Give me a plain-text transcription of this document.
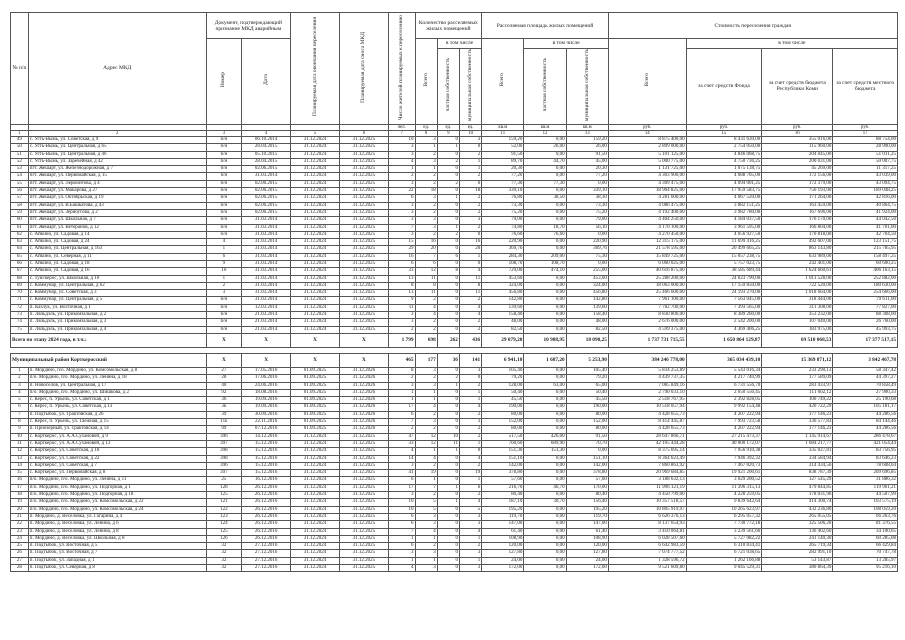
№ п/п	Адрес МКД	Документ, подтверждающий признание МКД аварийным		Планируемая дата окончания переселения	Планируемая дата сноса МКД	Число жителей планируемых к переселению	Количество расселяемых жилых помещений			Расселяемая площадь жилых помещений			Стоимость переселения граждан			
		Номер	Дата				Всего	в том числе		Всего	в том числе		Всего	в том числе		
								частная собственность	муниципальная собственность		частная собственность	муниципальная собственность		за счет средств Фонда	за счет средств бюджета Республики Коми	за счет средств местного бюджета
						чел.	ед.	ед.	ед.	кв.м	кв.м	кв.м	руб.	руб.	руб.	руб.
1	2	3	4	5	6	7	8	9	10	11	12	13	14	15	16	17
49	с. Усть-Вымь, ул. Советская, д 9	б/н	06.10.2014	31.12.2024	31.12.2025	10	3	0	3	159,20	0,00	159,20	8 875 400,00	8 431 630,00	355 016,00	88 754,00
50	с. Усть-Вымь, ул. Центральная, д 65	б/н	28.04.2015	31.12.2024	31.12.2025	3	1	1	0	52,00	26,00	26,00	2 899 000,00	2 754 050,00	115 960,00	28 990,00
51	с. Усть-Вымь, ул. Центральная, д 46	б/н	05.10.2015	31.12.2024	31.12.2025	3	2	0	2	91,50	0,00	91,50	5 101 125,00	4 846 068,75	204 045,00	51 011,25
52	с. Усть-Вымь, ул. Заречейная, д 42	б/н	28.04.2015	31.12.2024	31.12.2025	4	3	2	1	89,70	44,70	45,00	5 000 775,00	4 750 736,25	200 031,00	50 007,75
53	пгт. Жешарт, ул. Железнодорожная, д 7	б/н	02.06.2015	31.12.2024	31.12.2025	1	1	0	1	20,30	0,00	20,30	1 131 725,00	1 075 138,75	45 269,00	11 317,25
54	пгт. Жешарт, ул. Первомайская, д 15	б/н	31.03.2014	31.12.2024	31.12.2025	2	2	0	2	77,20	0,00	77,20	4 303 900,00	4 088 705,00	172 156,00	43 039,00
55	пгт. Жешарт, ул. Лермонтова, д 4	б/н	02.06.2015	31.12.2024	31.12.2025	3	2	2	0	77,30	77,30	0,00	4 309 475,00	4 094 001,25	172 379,00	43 094,75
56	пгт. Жешарт, ул. Макарова, д 27	б/н	02.06.2015	31.12.2024	31.12.2025	22	18	0	18	339,10	0,00	339,10	18 904 825,00	17 959 583,75	756 193,00	189 048,25
57	пгт. Жешарт, ул. Октябрьская, д 19	б/н	02.06.2015	31.12.2024	31.12.2025	6	3	1	2	76,80	38,50	38,30	4 281 600,00	4 067 520,00	171 264,00	42 816,00
58	пгт. Жешарт, ул. В.Башкатова, д 43	б/н	02.06.2015	31.12.2024	31.12.2025	3	2	0	2	73,30	0,00	73,30	4 086 475,00	3 882 151,25	163 459,00	40 864,75
59	пгт. Жешарт, ул. Зерноугова, д 2	б/н	02.06.2015	31.12.2024	31.12.2025	3	2	0	2	75,20	0,00	75,20	4 192 400,00	3 982 780,00	167 696,00	41 924,00
60	пгт. Жешарт, ул. Школьная, д 7	б/н	31.03.2014	31.12.2024	31.12.2025	3	3	0	3	79,00	0,00	79,00	4 404 250,00	4 184 037,50	176 170,00	44 042,50
61	пгт. Жешарт, ул. Ветеранов, д 12	б/н	31.03.2014	31.12.2024	31.12.2025	7	3	1	2	74,80	18,70	56,10	4 170 100,00	3 961 595,00	166 804,00	41 701,00
62	с. Айкино, ул. Садовая, д 14	б/н	31.03.2014	31.12.2024	31.12.2025	3	2	2	0	76,60	76,60	0,00	4 270 450,00	4 056 927,50	170 818,00	42 704,50
63	с. Айкино, ул. Садовая, д 24	4	31.03.2014	31.12.2024	31.12.2025	15	16	0	16	220,90	0,00	220,90	12 315 175,00	11 699 416,25	492 607,00	123 151,75
64	с. Айкино, ул. Центральная, д 163	1	31.03.2014	31.12.2024	31.12.2025	29	20	0	20	369,76	0,00	369,76	21 578 595,00	20 499 665,25	863 143,80	215 785,95
65	с. Айкино, ул. Северная, д 11	6	31.03.2014	31.12.2024	31.12.2025	16	7	6	1	284,30	209,00	75,30	15 849 725,00	15 057 238,75	633 989,00	158 497,25
66	с. Айкино, ул. Садовая, д 18	9	31.03.2014	31.12.2024	31.12.2025	6	6	0	0	108,70	108,70	0,00	6 060 025,00	5 757 023,75	242 401,00	60 600,25
67	с. Айкино, ул. Садовая, д 16	10	31.03.2014	31.12.2024	31.12.2025	33	12	8	4	729,00	474,10	255,00	40 616 875,00	38 585 689,44	1 624 660,61	406 163,15
68	с. Туискерос, ул. Школьная, д 10	1	31.03.2014	31.12.2024	31.12.2025	13	11	0	11	453,60	0,00	453,60	25 288 200,00	24 023 790,00	1 011 528,00	252 882,00
69	с. Коммунар, ул. Центральная, д 62	2	31.03.2014	31.12.2024	31.12.2025	8	8	0	8	324,00	0,00	324,00	18 063 000,00	17 159 850,00	722 520,00	180 630,00
70	с. Коммунар, ул. Советская, д 3	3	31.03.2014	31.12.2024	31.12.2025	13	11	0	11	456,80	0,00	456,80	25 466 600,00	24 193 270,00	1 018 664,00	254 666,00
71	с. Коммунар, ул. Центральная, д 5	б/н	31.03.2014	31.12.2024	31.12.2025	9	2	0	2	142,80	0,00	142,80	7 961 100,00	7 563 045,00	318 444,00	79 611,00
72	п. Казлук, ул. Восточная, д 1	б/н	12.03.2014	31.12.2024	31.12.2025	11	4	0	4	139,60	0,00	139,60	7 782 700,00	7 393 565,00	311 308,00	77 827,00
73	п. Ляльдэль, ул. Прикомзальная, д 2	б/н	21.03.2014	31.12.2024	31.12.2025	3	4	0	4	158,40	0,00	158,40	8 830 800,00	8 389 260,00	353 232,00	88 308,00
74	п. Ляльдэль, ул. Прикомзальная, д 3	б/н	21.03.2014	31.12.2024	31.12.2025	3	2	0	2	48,00	0,00	48,00	2 676 000,00	2 542 200,00	107 040,00	26 760,00
75	п. Ляльдэль, ул. Прикомзальная, д 4	б/н	21.03.2014	31.12.2024	31.12.2025	2	2	0	2	82,50	0,00	82,50	4 599 375,00	4 369 406,25	183 975,00	45 993,75
Всего по этапу 2024 года, в т.ч.:		X	X	X	X	1 799	698	262	436	29 079,20	10 988,95	18 090,25	1 737 731 715,55	1 650 864 129,87	69 510 068,53	17 377 517,15

Муниципальный район Корткеросский		X	X	X	X	465	177	36	141	6 941,10	1 687,20	5 253,90	384 246 778,00	365 034 439,10	15 369 871,12	3 842 467,78
1	п. Мордино, п/о. Мордино, ул. Комсомольская, д 8	27	17.05.2016	01.09.2025	31.12.2026	8	3	0	3	105,40	0,00	105,40	5 834 253,89	5 543 016,34	233 290,13	58 347,42
2	п/о. Мордино, п/о. Мордино, ул. Ленина, д 18	28	17.06.2016	01.09.2025	31.12.2026	2	2	2	0	79,20	0,00	79,20	4 439 737,35	4 217 740,99	177 589,09	44 397,27
3	п. Новоселов, ул. Центральная, д 17	40	24.06.2016	01.09.2025	31.12.2026	3	3	1	2	128,00	63,00	65,00	7 085 849,16	6 731 556,70	283 433,97	70 858,49
4	п/о. Мордино, п/о. Мордино, ул. Шишкова, д 2	92	18.08.2016	01.09.2025	31.12.2026	1	1	0	1	50,40	0,00	50,40	2 790 033,10	2 650 550,45	111 602,12	27 900,33
5	с. Керес, п. Урьель, ул. Советская, д 1	36	19.09.2016	01.09.2025	31.12.2026	1	1	0	1	45,50	0,00	45,50	2 518 767,95	2 392 828,05	100 749,22	25 190,68
6	с. Керес, п. Урьель, ул. Советская, д 13	3к	19.09.2016	01.09.2025	31.12.2026	17	4	0	4	190,00	0,00	190,00	10 518 057,94	9 992 154,48	420 722,29	105 181,17
7	п. Подтыбок, ул. Трактовская, д 26	39	30.09.2016	01.09.2025	31.12.2026	6	2	0	2	80,00	0,00	80,00	4 428 655,73	4 207 222,94	177 146,23	44 286,56
8	с. Керес, п. Урьель, ул. Таежная, д 15	11к	22.11.2016	01.09.2025	31.12.2026	7	3	0	3	152,00	0,00	152,00	8 414 445,87	7 993 723,58	336 577,83	84 144,46
9	п. Приозёрный, ул. Трактовская, д 14	99	07.12.2016	01.09.2025	31.12.2026	2	2	0	2	80,00	0,00	80,00	4 428 655,73	4 207 222,94	177 146,23	44 286,56
10	с. Корткерос, ул. А.А.Сухановой, д 9	396	14.12.2016	31.12.2024	31.12.2025	47	12	10	2	517,50	426,00	91,50	28 647 866,71	27 215 473,37	1 145 914,67	286 478,67
11	с. Корткерос, ул. А.А.Сухановой, д 13	397	15.12.2016	31.12.2024	31.12.2025	33	12	11	1	760,60	689,90	70,70	42 105 444,28	40 000 172,07	1 684 217,77	421 054,44
12	с. Корткерос, ул. Советская, д 18	398	15.12.2016	31.12.2024	31.12.2025	4	1	1	0	151,30	151,30	0,00	8 375 695,14	7 956 910,38	335 027,81	83 756,95
13	с. Корткерос, ул. Советская, д 22	398	15.12.2016	31.12.2024	31.12.2025	14	4	0	4	151,10	0,00	151,10	8 364 623,49	7 946 392,32	334 584,94	83 646,23
14	с. Корткерос, ул. Советская, д 7	396	15.12.2016	31.12.2024	31.12.2025	3	2	0	2	142,00	0,00	142,00	7 860 863,92	7 467 820,73	314 434,56	78 608,64
15	с. Корткерос, ул. Первомайская, д 8	397	15.12.2016	31.12.2024	31.12.2025	41	19	0	19	378,80	0,00	378,80	20 969 684,85	19 921 200,61	838 787,39	209 696,85
16	п/о. Мордино, п/о. Мордино, ул. Ленина, д 11	25	16.12.2016	31.12.2024	31.12.2025	6	1	0	1	57,60	0,00	57,60	3 188 632,13	3 029 200,52	127 545,29	31 886,32
17	п/о. Мордино, п/о. Мордино, ул. Подгорная, д 1	128	26.12.2016	31.12.2024	31.12.2025	17	7	1	6	216,70	46,70	170,00	11 996 121,19	11 396 315,13	479 844,85	119 961,21
18	п/о. Мордино, п/о. Мордино, ул. Подгорная, д 18	125	26.12.2016	31.12.2024	31.12.2025	3	2	0	2	80,40	0,00	80,40	4 450 799,00	4 228 259,05	178 031,96	44 507,99
19	п/о. Мордино, п/о. Мордино, ул. Комсомольская, д 22	121	26.12.2016	31.12.2024	31.12.2025	10	5	1	4	187,10	30,70	156,40	10 357 518,57	9 839 642,64	414 300,74	103 575,19
20	п/о. Мордино, п/о. Мордино, ул. Комсомольская, д 24	122	26.12.2016	31.12.2024	31.12.2025	10	5	0	5	195,20	0,00	195,20	10 805 919,97	10 265 623,97	432 236,80	108 059,20
21	п. Мордино, д. Веселовка, ул. Гагарина, д 4	123	26.12.2016	31.12.2024	31.12.2025	6	3	0	3	119,70	0,00	119,70	6 626 376,13	6 295 057,32	265 055,05	66 263,76
22	п. Мордино, д. Веселовка, ул. Ленина, д 6	124	26.12.2016	31.12.2024	31.12.2025	6	3	0	3	147,00	0,00	147,00	8 137 654,93	7 730 772,18	325 506,20	81 376,55
23	п. Мордино, д. Веселовка, ул. Ленина, д 8	125	26.12.2016	31.12.2024	31.12.2025	7	4	0	4	61,40	0,00	61,40	3 410 064,81	3 239 561,66	136 402,60	34 100,65
24	п. Мордино, д. Веселовка, ул. Школьная, д 8	126	26.12.2016	31.12.2024	31.12.2025	1	1	0	1	108,90	0,00	108,90	6 028 507,60	5 727 082,22	241 140,30	60 285,08
25	п. Подтыбок, ул. Восточная, д 5	32	27.12.2016	31.12.2024	31.12.2025	6	2	0	2	120,00	0,00	120,00	6 642 983,59	6 310 834,41	265 719,34	66 429,84
26	п. Подтыбок, ул. Восточная, д 7	32	27.12.2016	31.12.2024	31.12.2025	3	3	0	3	127,80	0,00	127,80	7 074 777,52	6 721 038,65	282 991,10	70 747,78
27	п. Подтыбок, ул. Западная, д 1	32	27.12.2016	31.12.2024	31.12.2025	1	1	0	1	24,00	0,00	24,00	1 328 596,72	1 262 166,88	53 143,87	13 285,97
28	п. Подтыбок, ул. Северная, д 8	32	27.12.2016	31.12.2024	31.12.2025	4	3	0	3	172,00	0,00	172,00	9 521 609,80	9 045 529,31	380 864,39	95 216,10
